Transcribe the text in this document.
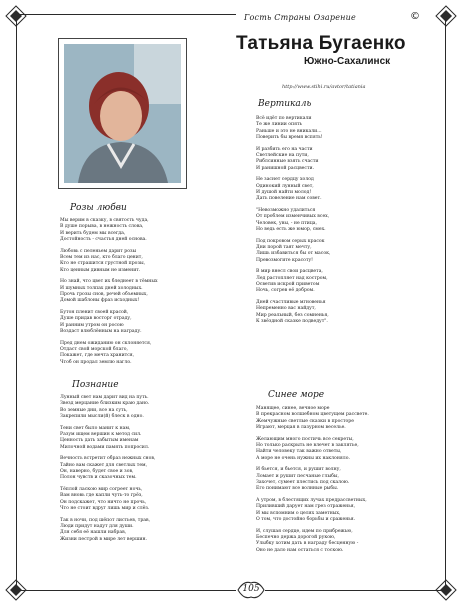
Гость Страны Озарение	©
Татьяна Бугаенко
Южно-Сахалинск
http://www.stihi.ru/avtor/tatiania
Розы любви
Мы верим в сказку, в святость чуда,
В душе порыва, в нежность слова,
И верить будем мы всегда,
Достойность - счастья дней основа.
Любовь с пеленьем дарит розы
Всем тем из нас, кто благо ценит,
Кто не страшится грустной прозы,
Кто ценным дивным не изменит.
Но знай, что цвет их бледнеет в тёмных
И шумных толпах дней холодных.
Прочь грозы снов, речей объемных,
Домой шаблоны фраз исходных!
Бутон пленит своей красой,
Душе придав восторг отраду,
И ранним утром он росою
Воздаст влюблённым на награду.
Пред днем ожиданию он склоняется,
Отдаст свой морской благо,
Покажет, где мечта хранится,
Чтоб он продал землю нагло.
Познание
Лунный свет нам дарит вид на путь.
Звезд мерцание близким краю дано.
Во земные дни, все на суть,
Закрепили мысли(й) блеск в одно.
Тени свет было манит к нам,
Разум ищем вершин к метод сил.
Ценность дать забытым именам
Милочной водами память попросил.
Вечность встретит образ нежных снов,
Тайно вам скажет для светлых тем,
Он, наверно, будет свое и зов,
Полон чувств и сказочных тем.
Тёплой ласкою мир согреет ночь,
Вам вновь где капли чуть-то грёз,
Он подскажет, что ничто не прочь,
Что не стоит вдруг лишь мир и слёз.
Так в ночи, под шёпот листьев, трав,
Люди придут надут для души.
Для себя её нашли набрав,
Жизни пестрой в мире лет вершин.
Вертикаль
Всё идёт по вертикали
Те же линии опять
Раньше и это не вникали...
Поверить бы время вспять!
И разбить его на части
Светлейские на пути,
Риблсинные взять счасти
И ранишной расцвести.
Не заснет сердцу холод
Одинокий лунный свет,
И душой найти молод!
Дать повеление нам совет.
"Невозможно удалиться
От проблем изменчивых всех,
Человек, увы, - не птица,
Но ведь есть же юмор, смех.
Под покровом серых красок
Дни порой таят мечту,
Лишь избавиться бы от масок,
Превозмогите красоту!
В мир внесл свои расцвета,
Лед растопляет над костром,
Осветив искрой приветом
Ночь, согрев её добром.
Дней счастливые мгновенья
Непременно вас найдут,
Мир реальный, без сомненья,
К звёздной сказке подведут".
Синее море
Манящее, синее, вечное море
В прекрасном волшебном цветущем рассвете.
Жемчужные светлые сказки в просторе
Играют, мерцая в лазурном веселье.
Желающим много постичь все секреты,
Но только раскрыть не влечет в заклятье,
Найти человеку так важно ответы,
А море не очень нужны их наклоняло.
И бьется, и бьется, и рушит волну,
Ломает и рушит песчаные глыбы,
Захочет, сумеет плестись под скалою.
Его понимают все волнные рыбы.
А утром, в блестящих лучах предрассветных,
Приливший дарует нам грез отраженья,
И мы вспомним о целях заметных,
О том, что достойно борьбы и сраженья.
И, слушая сердце, идем по прибрежью,
Беспечно держа дорогой рукою,
Улыбку хотим дать в награду бесценную -
Оно не дало нам остаться с тоскою.
105
